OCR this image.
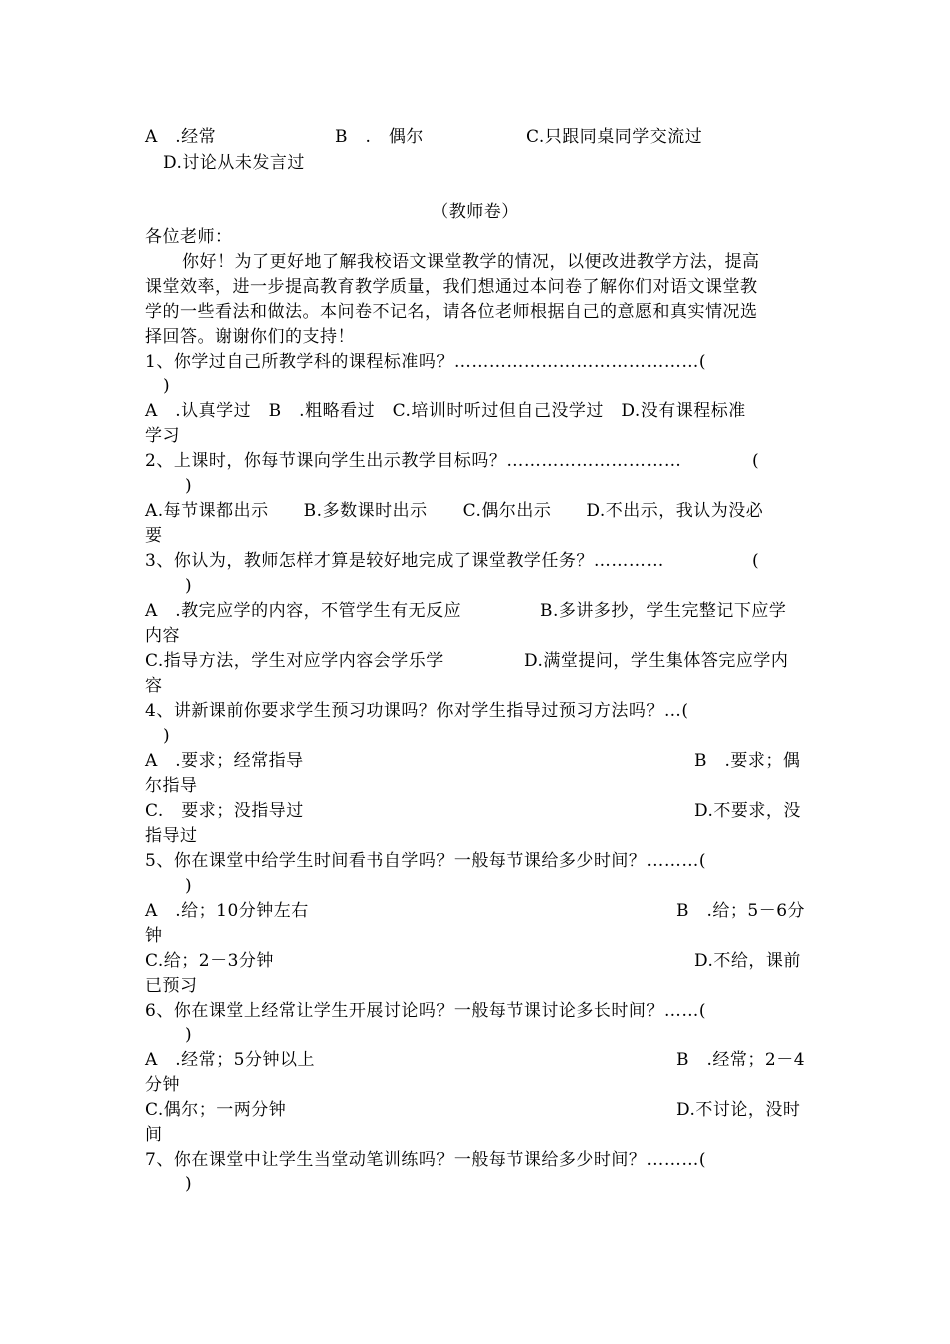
A　.经常	B　.　偶尔	C.只跟同桌同学交流过
D.讨论从未发言过
（教师卷）
各位老师：
你好！为了更好地了解我校语文课堂教学的情况，以便改进教学方法，提高
课堂效率，进一步提高教育教学质量，我们想通过本问卷了解你们对语文课堂教
学的一些看法和做法。本问卷不记名，请各位老师根据自己的意愿和真实情况选
择回答。谢谢你们的支持！
1、你学过自己所教学科的课程标准吗？……………………………………(
)
A　.认真学过　B　.粗略看过　C.培训时听过但自己没学过　D.没有课程标准
学习
2、上课时，你每节课向学生出示教学目标吗？…………………………	(
)
A.每节课都出示　　B.多数课时出示　　C.偶尔出示　　D.不出示，我认为没必
要
3、你认为，教师怎样才算是较好地完成了课堂教学任务？…………	(
)
A　.教完应学的内容，不管学生有无反应	B.多讲多抄，学生完整记下应学
内容
C.指导方法，学生对应学内容会学乐学	D.满堂提问，学生集体答完应学内
容
4、讲新课前你要求学生预习功课吗？你对学生指导过预习方法吗？…(
)
A　.要求；经常指导	B　.要求；偶
尔指导
C.　要求；没指导过	D.不要求，没
指导过
5、你在课堂中给学生时间看书自学吗？一般每节课给多少时间？………(
)
A　.给；10分钟左右	B　.给；5－6分
钟
C.给；2－3分钟	D.不给，课前
已预习
6、你在课堂上经常让学生开展讨论吗？一般每节课讨论多长时间？……(
)
A　.经常；5分钟以上	B　.经常；2－4
分钟
C.偶尔；一两分钟	D.不讨论，没时
间
7、你在课堂中让学生当堂动笔训练吗？一般每节课给多少时间？………(
)
